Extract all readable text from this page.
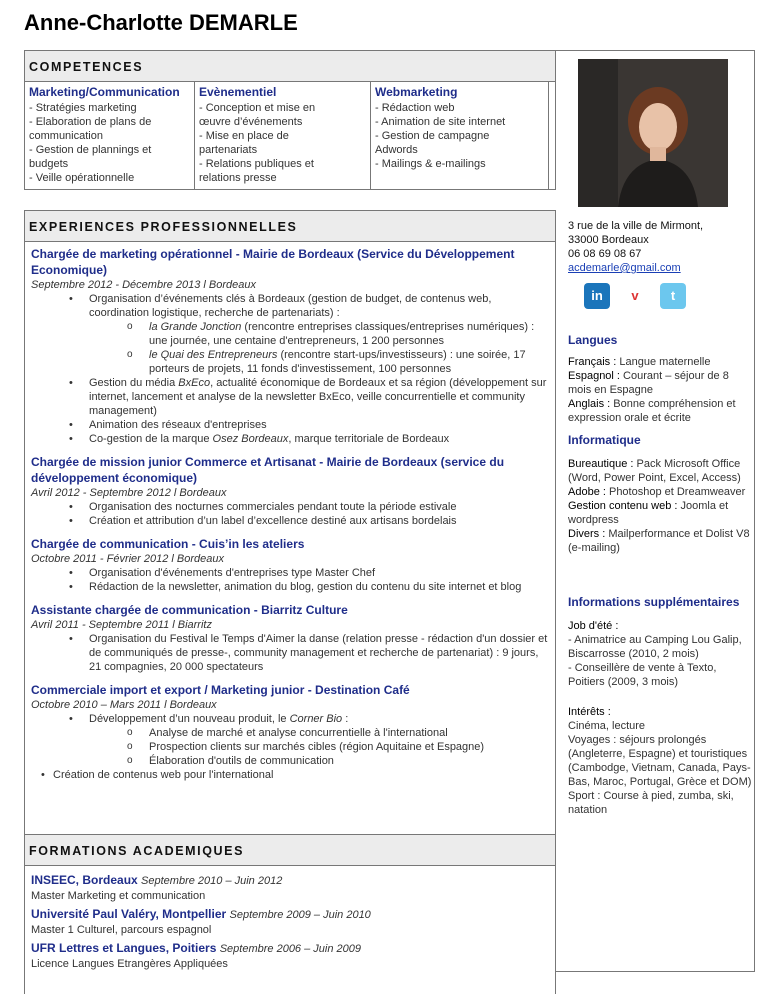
Anne-Charlotte DEMARLE
COMPETENCES
Marketing/Communication
- Stratégies marketing
- Elaboration de plans de
communication
- Gestion de plannings et
budgets
- Veille opérationnelle
Evènementiel
- Conception et mise en
œuvre d’événements
- Mise en place de
partenariats
- Relations publiques et
relations presse
Webmarketing
- Rédaction web
- Animation de site internet
- Gestion de campagne
Adwords
- Mailings & e-mailings
EXPERIENCES PROFESSIONNELLES
Chargée de marketing opérationnel - Mairie de Bordeaux (Service du Développement Economique)
Septembre 2012 - Décembre 2013 l Bordeaux
• Organisation d’événements clés à Bordeaux (gestion de budget, de contenus web, coordination logistique, recherche de partenariats) :
o la Grande Jonction (rencontre entreprises classiques/entreprises numériques) : une journée, une centaine d'entrepreneurs, 1 200 personnes
o le Quai des Entrepreneurs (rencontre start-ups/investisseurs) : une soirée, 17 porteurs de projets, 11 fonds d'investissement, 100 personnes
• Gestion du média BxEco, actualité économique de Bordeaux et sa région (développement sur internet, lancement et analyse de la newsletter BxEco, veille concurrentielle et community management)
• Animation des réseaux d'entreprises
• Co-gestion de la marque Osez Bordeaux, marque territoriale de Bordeaux
Chargée de mission junior Commerce et Artisanat - Mairie de Bordeaux (service du développement économique)
Avril 2012 - Septembre 2012 l Bordeaux
• Organisation des nocturnes commerciales pendant toute la période estivale
• Création et attribution d’un label d’excellence destiné aux artisans bordelais
Chargée de communication - Cuis’in les ateliers
Octobre 2011 - Février 2012 l Bordeaux
• Organisation d'événements d'entreprises type Master Chef
• Rédaction de la newsletter, animation du blog, gestion du contenu du site internet et blog
Assistante chargée de communication - Biarritz Culture
Avril 2011 - Septembre 2011 l Biarritz
• Organisation du Festival le Temps d'Aimer la danse (relation presse - rédaction d'un dossier et de communiqués de presse-, community management et recherche de partenariat) : 9 jours, 21 compagnies, 20 000 spectateurs
Commerciale import et export / Marketing junior - Destination Café
Octobre 2010 – Mars 2011 l Bordeaux
• Développement d’un nouveau produit, le Corner Bio :
o Analyse de marché et analyse concurrentielle à l'international
o Prospection clients sur marchés cibles (région Aquitaine et Espagne)
o Élaboration d'outils de communication
• Création de contenus web pour l'international
FORMATIONS ACADEMIQUES
INSEEC, Bordeaux Septembre 2010 – Juin 2012
Master Marketing et communication
Université Paul Valéry, Montpellier Septembre 2009 – Juin 2010
Master 1 Culturel, parcours espagnol
UFR Lettres et Langues, Poitiers Septembre 2006 – Juin 2009
Licence Langues Etrangères Appliquées
3 rue de la ville de Mirmont,
33000 Bordeaux
06 08 69 08 67
acdemarle@gmail.com
in	v	t
Langues
Français : Langue maternelle
Espagnol : Courant – séjour de 8 mois en Espagne
Anglais : Bonne compréhension et expression orale et écrite
Informatique
Bureautique : Pack Microsoft Office (Word, Power Point, Excel, Access)
Adobe : Photoshop et Dreamweaver
Gestion contenu web : Joomla et wordpress
Divers : Mailperformance et Dolist V8 (e-mailing)
Informations supplémentaires
Job d'été :
- Animatrice au Camping Lou Galip, Biscarrosse (2010, 2 mois)
- Conseillère de vente à Texto, Poitiers (2009, 3 mois)
Intérêts :
Cinéma, lecture
Voyages : séjours prolongés (Angleterre, Espagne) et touristiques (Cambodge, Vietnam, Canada, Pays-Bas, Maroc, Portugal, Grèce et DOM)
Sport : Course à pied, zumba, ski, natation
